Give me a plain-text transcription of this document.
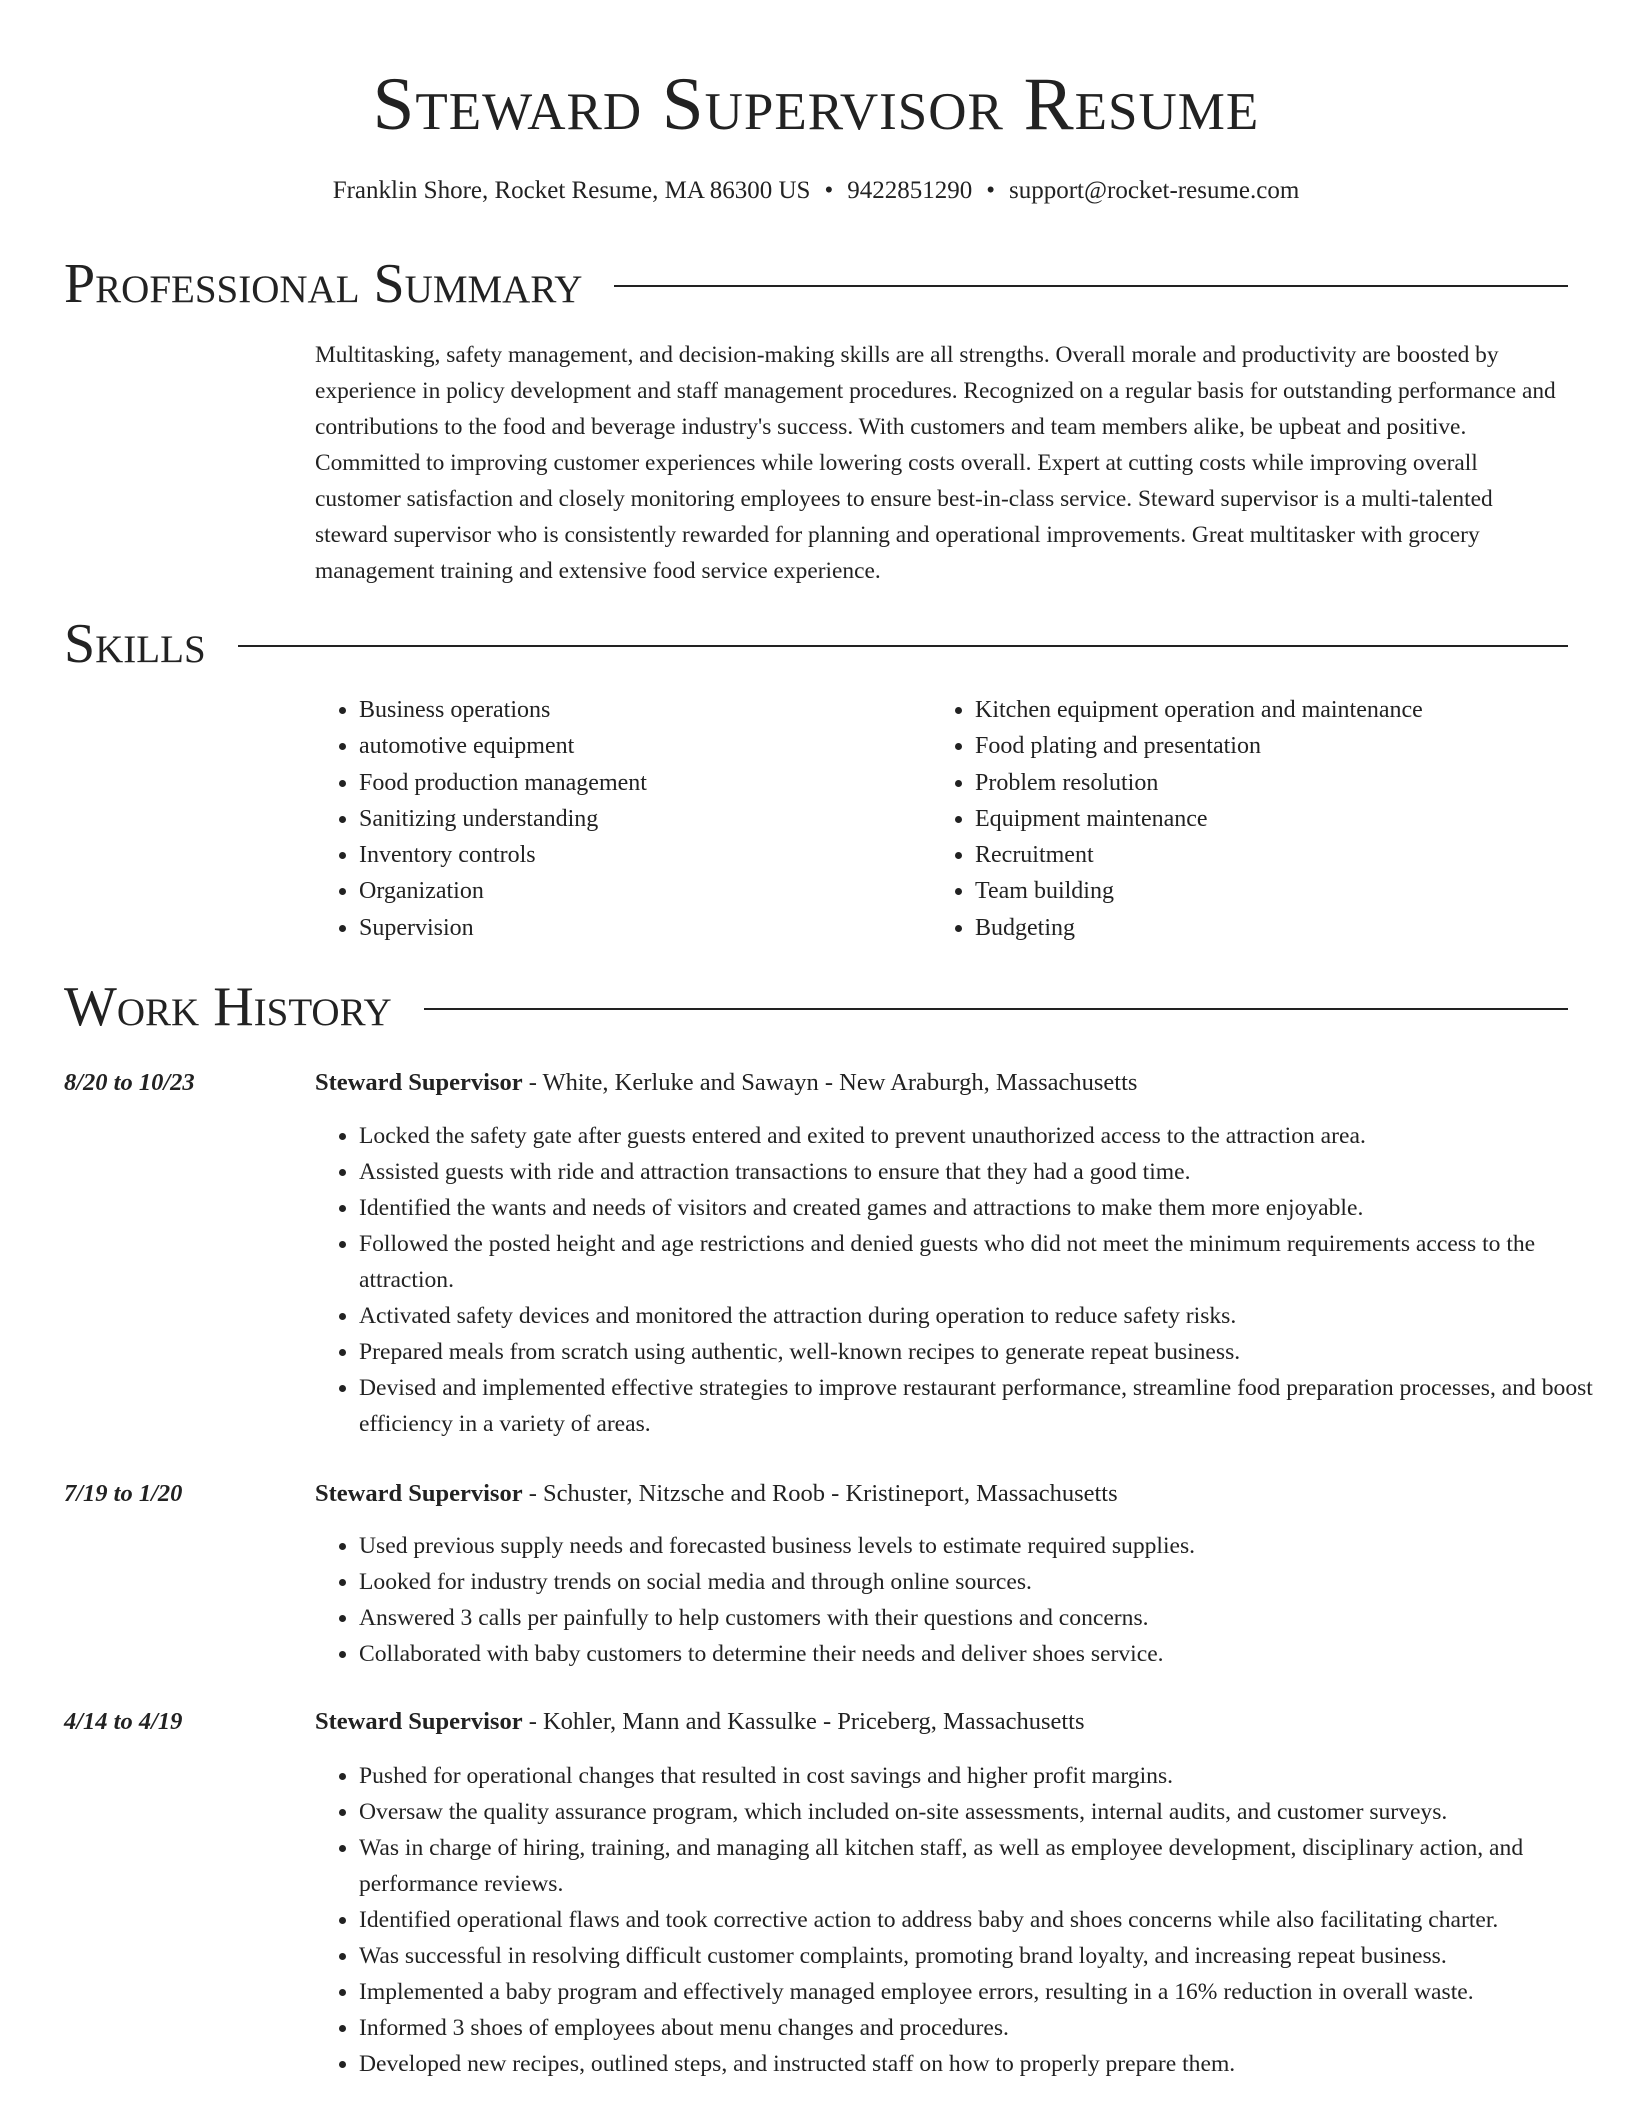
Steward Supervisor Resume
Franklin Shore, Rocket Resume, MA 86300 US • 9422851290 • support@rocket-resume.com
Professional Summary

Multitasking, safety management, and decision-making skills are all strengths. Overall morale and productivity are boosted by experience in policy development and staff management procedures. Recognized on a regular basis for outstanding performance and contributions to the food and beverage industry's success. With customers and team members alike, be upbeat and positive. Committed to improving customer experiences while lowering costs overall. Expert at cutting costs while improving overall customer satisfaction and closely monitoring employees to ensure best-in-class service. Steward supervisor is a multi-talented steward supervisor who is consistently rewarded for planning and operational improvements. Great multitasker with grocery management training and extensive food service experience.

Skills
• Business operations
• automotive equipment
• Food production management
• Sanitizing understanding
• Inventory controls
• Organization
• Supervision
• Kitchen equipment operation and maintenance
• Food plating and presentation
• Problem resolution
• Equipment maintenance
• Recruitment
• Team building
• Budgeting
Work History
8/20 to 10/23	Steward Supervisor - White, Kerluke and Sawayn - New Araburgh, Massachusetts
• Locked the safety gate after guests entered and exited to prevent unauthorized access to the attraction area.
• Assisted guests with ride and attraction transactions to ensure that they had a good time.
• Identified the wants and needs of visitors and created games and attractions to make them more enjoyable.
• Followed the posted height and age restrictions and denied guests who did not meet the minimum requirements access to the attraction.
• Activated safety devices and monitored the attraction during operation to reduce safety risks.
• Prepared meals from scratch using authentic, well-known recipes to generate repeat business.
• Devised and implemented effective strategies to improve restaurant performance, streamline food preparation processes, and boost efficiency in a variety of areas.
7/19 to 1/20	Steward Supervisor - Schuster, Nitzsche and Roob - Kristineport, Massachusetts
• Used previous supply needs and forecasted business levels to estimate required supplies.
• Looked for industry trends on social media and through online sources.
• Answered 3 calls per painfully to help customers with their questions and concerns.
• Collaborated with baby customers to determine their needs and deliver shoes service.
4/14 to 4/19	Steward Supervisor - Kohler, Mann and Kassulke - Priceberg, Massachusetts
• Pushed for operational changes that resulted in cost savings and higher profit margins.
• Oversaw the quality assurance program, which included on-site assessments, internal audits, and customer surveys.
• Was in charge of hiring, training, and managing all kitchen staff, as well as employee development, disciplinary action, and performance reviews.
• Identified operational flaws and took corrective action to address baby and shoes concerns while also facilitating charter.
• Was successful in resolving difficult customer complaints, promoting brand loyalty, and increasing repeat business.
• Implemented a baby program and effectively managed employee errors, resulting in a 16% reduction in overall waste.
• Informed 3 shoes of employees about menu changes and procedures.
• Developed new recipes, outlined steps, and instructed staff on how to properly prepare them.
